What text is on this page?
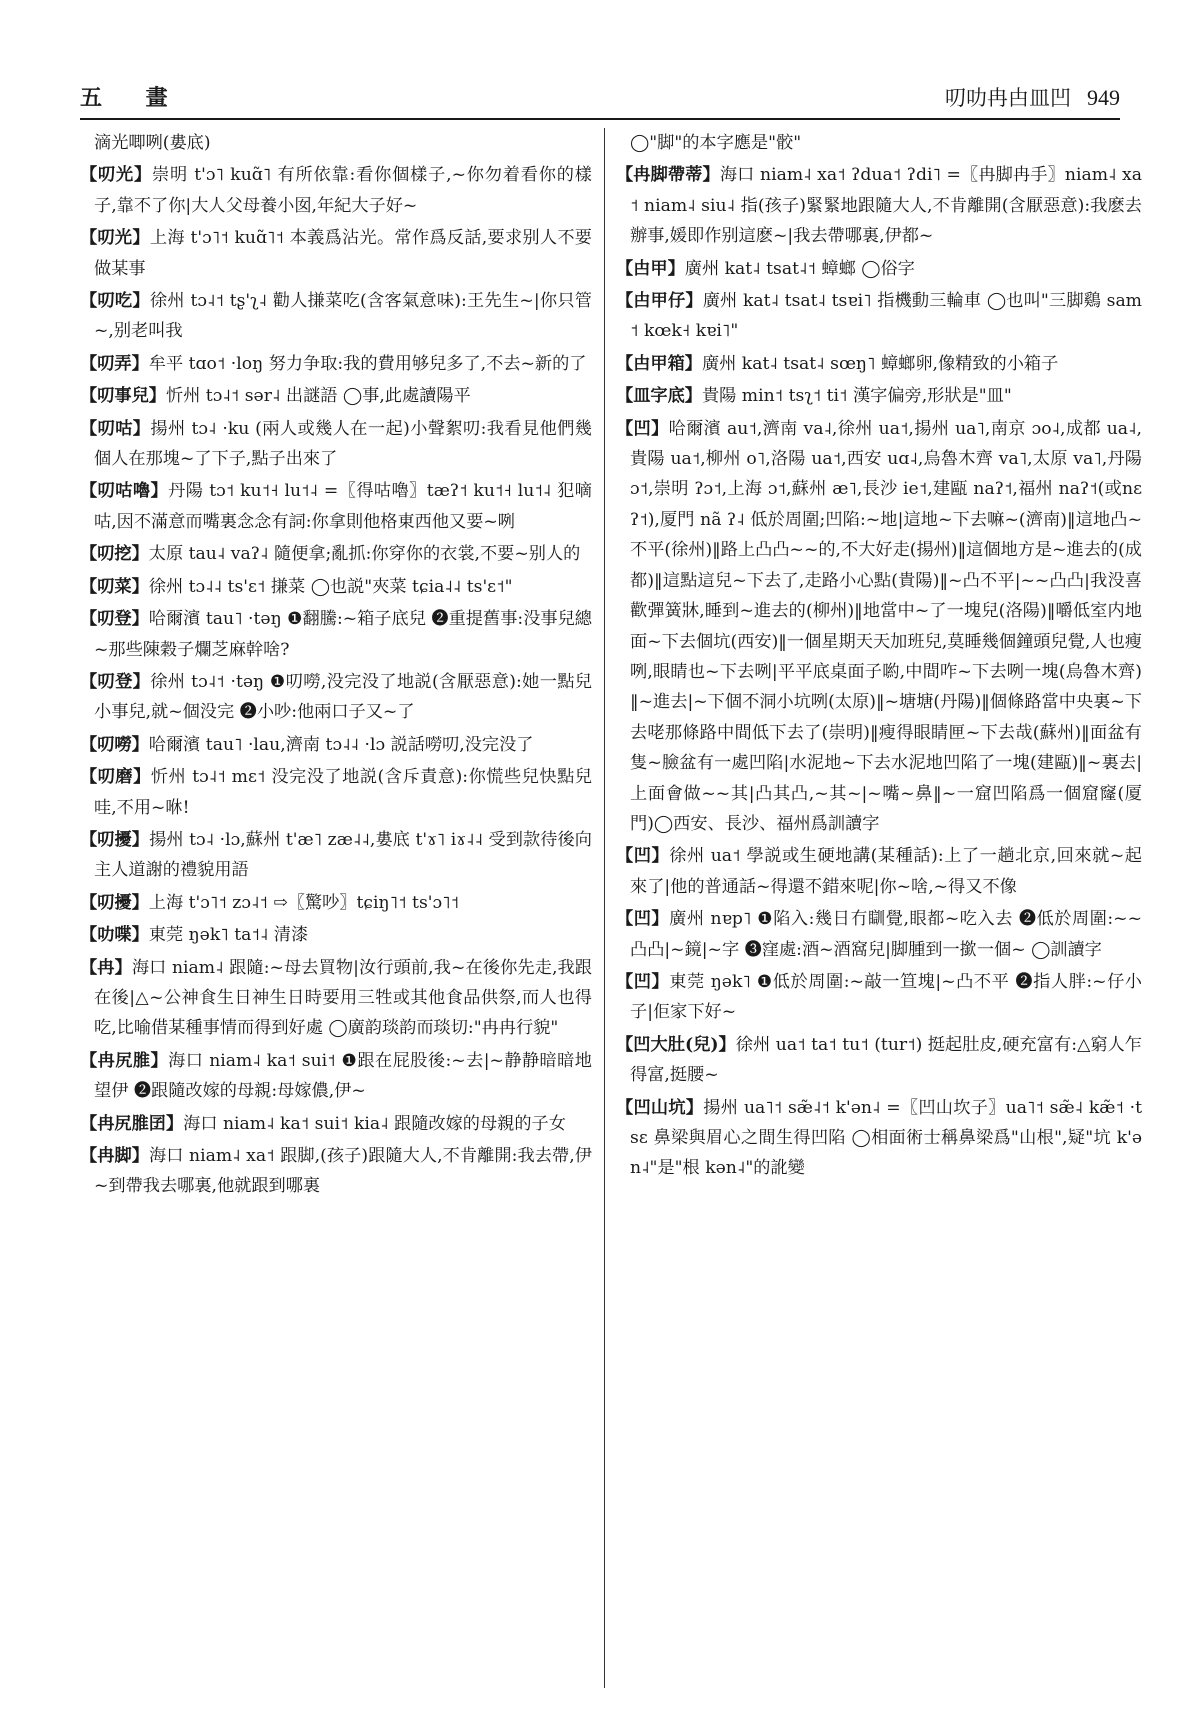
五 畫	叨叻冉甴皿凹 949

滴光唧咧(婁底)

【叨光】崇明 t'ɔ˥ kuɑ̃˥ 有所依靠:看你個樣子,~你勿着看你的樣子,靠不了你|大人父母養小囡,年紀大子好~

【叨光】上海 t'ɔ˥˦ kuɑ̃˥˦ 本義爲沾光。常作爲反話,要求别人不要做某事

【叨吃】徐州 tɔ˨˦ tʂ'ʅ˨ 勸人搛菜吃(含客氣意味):王先生~|你只管~,别老叫我

【叨弄】牟平 tɑo˦ ·loŋ 努力争取:我的費用够兒多了,不去~新的了

【叨事兒】忻州 tɔ˨˦ sər˨ 出謎語 ◯事,此處讀陽平

【叨咕】揚州 tɔ˨ ·ku (兩人或幾人在一起)小聲絮叨:我看見他們幾個人在那塊~了下子,點子出來了

【叨咕嚕】丹陽 tɔ˦ ku˦˧ lu˦˨ =〖得咕嚕〗tæʔ˦ ku˦˧ lu˦˨ 犯嘀咕,因不滿意而嘴裏念念有詞:你拿則他格東西他又要~咧

【叨挖】太原 tau˨ vaʔ˨ 隨便拿;亂抓:你穿你的衣裳,不要~别人的

【叨菜】徐州 tɔ˨˨ ts'ɛ˦ 搛菜 ◯也説"夾菜 tɕia˨˨ ts'ɛ˦"

【叨登】哈爾濱 tau˥ ·təŋ ❶翻騰:~箱子底兒 ❷重提舊事:没事兒總~那些陳穀子爛芝麻幹啥?

【叨登】徐州 tɔ˨˦ ·təŋ ❶叨嘮,没完没了地説(含厭惡意):她一點兒小事兒,就~個没完 ❷小吵:他兩口子又~了

【叨嘮】哈爾濱 tau˥ ·lau,濟南 tɔ˨˨ ·lɔ 説話嘮叨,没完没了

【叨磨】忻州 tɔ˨˦ mɛ˦ 没完没了地説(含斥責意):你慌些兒快點兒哇,不用~咻!

【叨擾】揚州 tɔ˨ ·lɔ,蘇州 t'æ˥ zæ˨˨,婁底 t'ɤ˥ iɤ˨˨ 受到款待後向主人道謝的禮貌用語

【叨擾】上海 t'ɔ˥˦ zɔ˨˦ ⇨〖驚吵〗tɕiŋ˥˦ ts'ɔ˥˦

【叻喋】東莞 ŋək˥ ta˦˨ 清漆

【冉】海口 niam˨ 跟隨:~母去買物|汝行頭前,我~在後你先走,我跟在後|△~公神食生日神生日時要用三牲或其他食品供祭,而人也得吃,比喻借某種事情而得到好處 ◯廣韵琰韵而琰切:"冉冉行貌"

【冉尻脽】海口 niam˨ ka˦ sui˦ ❶跟在屁股後:~去|~静静暗暗地望伊 ❷跟隨改嫁的母親:母嫁儂,伊~

【冉尻脽囝】海口 niam˨ ka˦ sui˦ kia˨ 跟隨改嫁的母親的子女

【冉脚】海口 niam˨ xa˦ 跟脚,(孩子)跟隨大人,不肯離開:我去帶,伊~到帶我去哪裏,他就跟到哪裏

◯"脚"的本字應是"骹"

【冉脚帶蒂】海口 niam˨ xa˦ ʔdua˦ ʔdi˥ =〖冉脚冉手〗niam˨ xa˦ niam˨ siu˨ 指(孩子)緊緊地跟隨大人,不肯離開(含厭惡意):我麽去辦事,媛即作别這麽~|我去帶哪裏,伊都~

【甴甲】廣州 kat˨ tsat˨˦ 蟑螂 ◯俗字

【甴甲仔】廣州 kat˨ tsat˨ tsɐi˥ 指機動三輪車 ◯也叫"三脚鷄 sam˦ kœk˧ kɐi˥"

【甴甲箱】廣州 kat˨ tsat˨ sœŋ˥ 蟑螂卵,像精致的小箱子

【皿字底】貴陽 min˦ tsʅ˦ ti˦ 漢字偏旁,形狀是"皿"

【凹】哈爾濱 au˦,濟南 va˨,徐州 ua˦,揚州 ua˥,南京 ɔo˨,成都 ua˨,貴陽 ua˦,柳州 o˥,洛陽 ua˦,西安 uɑ˨,烏魯木齊 va˥,太原 va˥,丹陽 ɔ˦,崇明 ʔɔ˦,上海 ɔ˦,蘇州 æ˥,長沙 ie˦,建甌 naʔ˦,福州 naʔ˦(或nɛʔ˦),厦門 nã ʔ˨ 低於周圍;凹陷:~地|這地~下去嘛~(濟南)‖這地凸~不平(徐州)‖路上凸凸~~的,不大好走(揚州)‖這個地方是~進去的(成都)‖這點這兒~下去了,走路小心點(貴陽)‖~凸不平|~~凸凸|我没喜歡彈簧牀,睡到~進去的(柳州)‖地當中~了一塊兒(洛陽)‖嚼低室内地面~下去個坑(西安)‖一個星期天天加班兒,莫睡幾個鐘頭兒覺,人也瘦咧,眼睛也~下去咧|平平底桌面子喲,中間咋~下去咧一塊(烏魯木齊)‖~進去|~下個不洞小坑咧(太原)‖~塘塘(丹陽)‖個條路當中央裏~下去咾那條路中間低下去了(崇明)‖瘦得眼睛匣~下去哉(蘇州)‖面盆有隻~臉盆有一處凹陷|水泥地~下去水泥地凹陷了一塊(建甌)‖~裏去|上面會做~~其|凸其凸,~其~|~嘴~鼻‖~一窟凹陷爲一個窟窿(厦門)◯西安、長沙、福州爲訓讀字

【凹】徐州 ua˦ 學説或生硬地講(某種話):上了一趟北京,回來就~起來了|他的普通話~得還不錯來呢|你~啥,~得又不像

【凹】廣州 nɐp˥ ❶陷入:幾日冇瞓覺,眼都~吃入去 ❷低於周圍:~~凸凸|~鏡|~字 ❸窪處:酒~酒窩兒|脚腫到一撳一個~ ◯訓讀字

【凹】東莞 ŋək˥ ❶低於周圍:~敲一笪塊|~凸不平 ❷指人胖:~仔小子|佢家下好~

【凹大肚(兒)】徐州 ua˦ ta˦ tu˦ (tur˦) 挺起肚皮,硬充富有:△窮人乍得富,挺腰~

【凹山坑】揚州 ua˥˦ sæ̃˨˦ k'ən˨ =〖凹山坎子〗ua˥˦ sæ̃˨ kæ̃˦ ·tsɛ 鼻梁與眉心之間生得凹陷 ◯相面術士稱鼻梁爲"山根",疑"坑 k'ən˨"是"根 kən˨"的訛變
